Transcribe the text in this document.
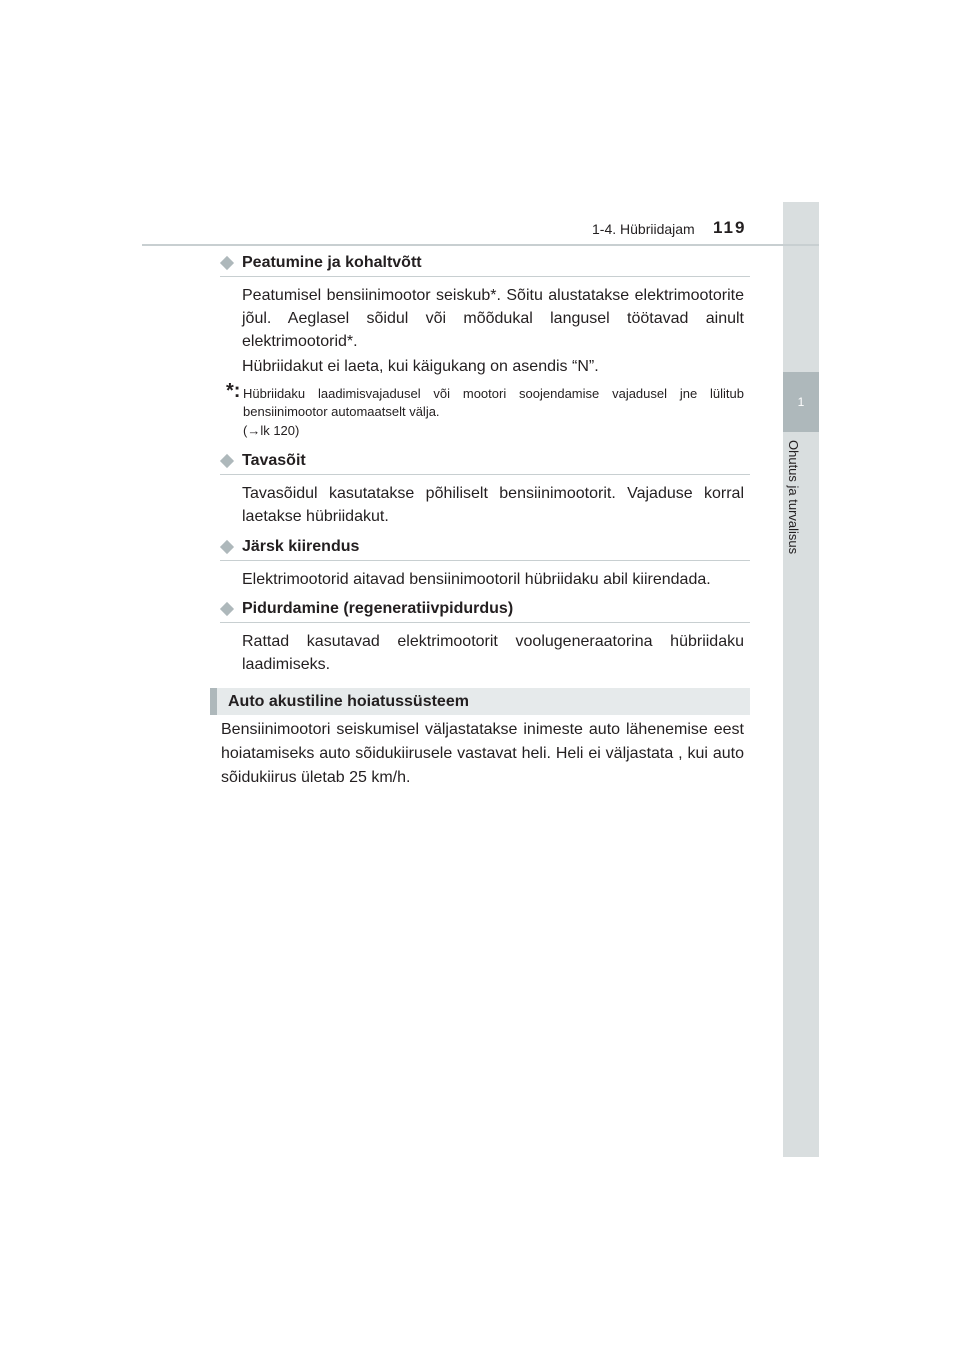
1
Ohutus ja turvalisus
1-4. Hübriidajam 119
Peatumine ja kohaltvõtt

Peatumisel bensiinimootor seiskub*. Sõitu alustatakse elektrimootorite jõul. Aeglasel sõidul või mõõdukal langusel töötavad ainult elektrimootorid*.

Hübriidakut ei laeta, kui käigukang on asendis “N”.

*: Hübriidaku laadimisvajadusel või mootori soojendamise vajadusel jne lülitub bensiinimootor automaatselt välja.

(→lk 120)
Tavasõit

Tavasõidul kasutatakse põhiliselt bensiinimootorit. Vajaduse korral laetakse hübriidakut.

Järsk kiirendus

Elektrimootorid aitavad bensiinimootoril hübriidaku abil kiirendada.

Pidurdamine (regeneratiivpidurdus)

Rattad kasutavad elektrimootorit voolugeneraatorina hübriidaku laadimiseks.

Auto akustiline hoiatussüsteem

Bensiinimootori seiskumisel väljastatakse inimeste auto lähenemise eest hoiatamiseks auto sõidukiirusele vastavat heli. Heli ei väljastata , kui auto sõidukiirus ületab 25 km/h.
